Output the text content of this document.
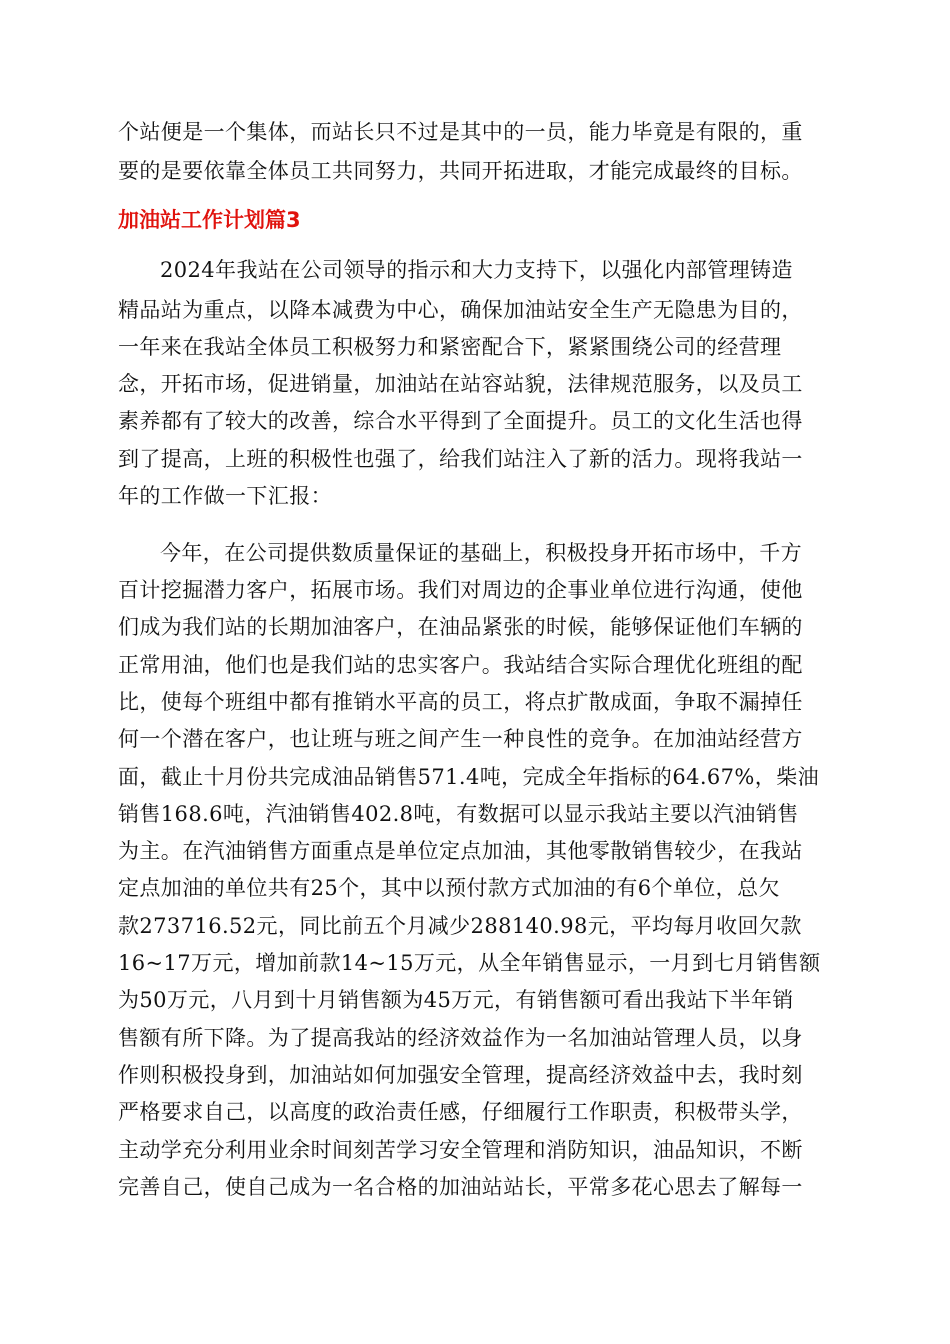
个站便是一个集体，而站长只不过是其中的一员，能力毕竟是有限的，重
要的是要依靠全体员工共同努力，共同开拓进取，才能完成最终的目标。
加油站工作计划篇3
2024年我站在公司领导的指示和大力支持下，以强化内部管理铸造
精品站为重点，以降本减费为中心，确保加油站安全生产无隐患为目的，
一年来在我站全体员工积极努力和紧密配合下，紧紧围绕公司的经营理
念，开拓市场，促进销量，加油站在站容站貌，法律规范服务，以及员工
素养都有了较大的改善，综合水平得到了全面提升。员工的文化生活也得
到了提高，上班的积极性也强了，给我们站注入了新的活力。现将我站一
年的工作做一下汇报：
今年，在公司提供数质量保证的基础上，积极投身开拓市场中，千方
百计挖掘潜力客户，拓展市场。我们对周边的企事业单位进行沟通，使他
们成为我们站的长期加油客户，在油品紧张的时候，能够保证他们车辆的
正常用油，他们也是我们站的忠实客户。我站结合实际合理优化班组的配
比，使每个班组中都有推销水平高的员工，将点扩散成面，争取不漏掉任
何一个潜在客户，也让班与班之间产生一种良性的竞争。在加油站经营方
面，截止十月份共完成油品销售571.4吨，完成全年指标的64.67%，柴油
销售168.6吨，汽油销售402.8吨，有数据可以显示我站主要以汽油销售
为主。在汽油销售方面重点是单位定点加油，其他零散销售较少，在我站
定点加油的单位共有25个，其中以预付款方式加油的有6个单位，总欠
款273716.52元，同比前五个月减少288140.98元，平均每月收回欠款
16~17万元，增加前款14~15万元，从全年销售显示，一月到七月销售额
为50万元，八月到十月销售额为45万元，有销售额可看出我站下半年销
售额有所下降。为了提高我站的经济效益作为一名加油站管理人员，以身
作则积极投身到，加油站如何加强安全管理，提高经济效益中去，我时刻
严格要求自己，以高度的政治责任感，仔细履行工作职责，积极带头学，
主动学充分利用业余时间刻苦学习安全管理和消防知识，油品知识，不断
完善自己，使自己成为一名合格的加油站站长，平常多花心思去了解每一
